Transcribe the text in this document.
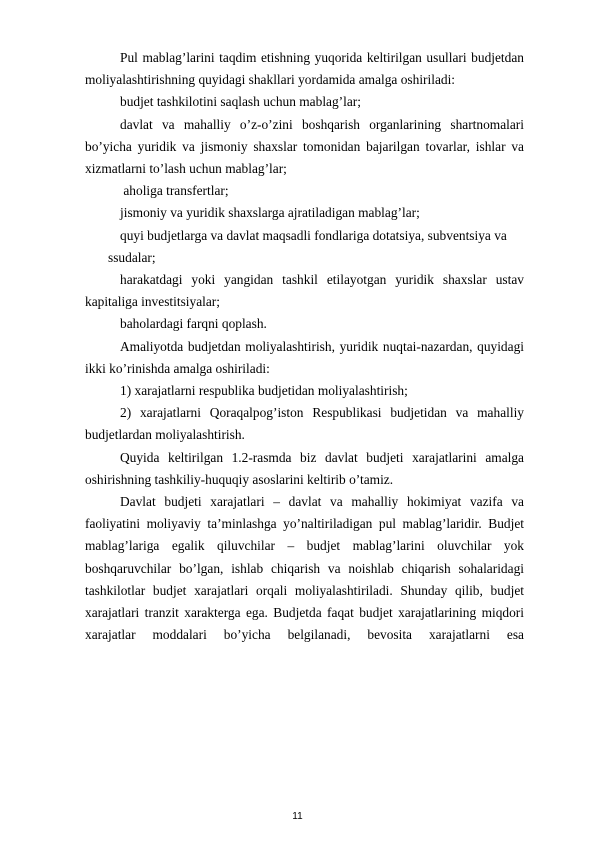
Pul mablag’larini taqdim etishning yuqorida keltirilgan usullari budjetdan moliyalashtirishning quyidagi shakllari yordamida amalga oshiriladi:

budjet tashkilotini saqlash uchun mablag’lar;

davlat va mahalliy o’z-o’zini boshqarish organlarining shartnomalari bo’yicha yuridik va jismoniy shaxslar tomonidan bajarilgan tovarlar, ishlar va xizmatlarni to’lash uchun mablag’lar;

aholiga transfertlar;

jismoniy va yuridik shaxslarga ajratiladigan mablag’lar;

quyi budjetlarga va davlat maqsadli fondlariga dotatsiya, subventsiya va

ssudalar;

harakatdagi yoki yangidan tashkil etilayotgan yuridik shaxslar ustav kapitaliga investitsiyalar;

baholardagi farqni qoplash.

Amaliyotda budjetdan moliyalashtirish, yuridik nuqtai-nazardan, quyidagi ikki ko’rinishda amalga oshiriladi:

1) xarajatlarni respublika budjetidan moliyalashtirish;

2) xarajatlarni Qoraqalpog’iston Respublikasi budjetidan va mahalliy budjetlardan moliyalashtirish.

Quyida keltirilgan 1.2-rasmda biz davlat budjeti xarajatlarini amalga oshirishning tashkiliy-huquqiy asoslarini keltirib o’tamiz.

Davlat budjeti xarajatlari – davlat va mahalliy hokimiyat vazifa va faoliyatini moliyaviy ta’minlashga yo’naltiriladigan pul mablag’laridir. Budjet mablag’lariga egalik qiluvchilar – budjet mablag’larini oluvchilar yok boshqaruvchilar bo’lgan, ishlab chiqarish va noishlab chiqarish sohalaridagi tashkilotlar budjet xarajatlari orqali moliyalashtiriladi. Shunday qilib, budjet xarajatlari tranzit xarakterga ega. Budjetda faqat budjet xarajatlarining miqdori xarajatlar moddalari bo’yicha belgilanadi, bevosita xarajatlarni esa

11
